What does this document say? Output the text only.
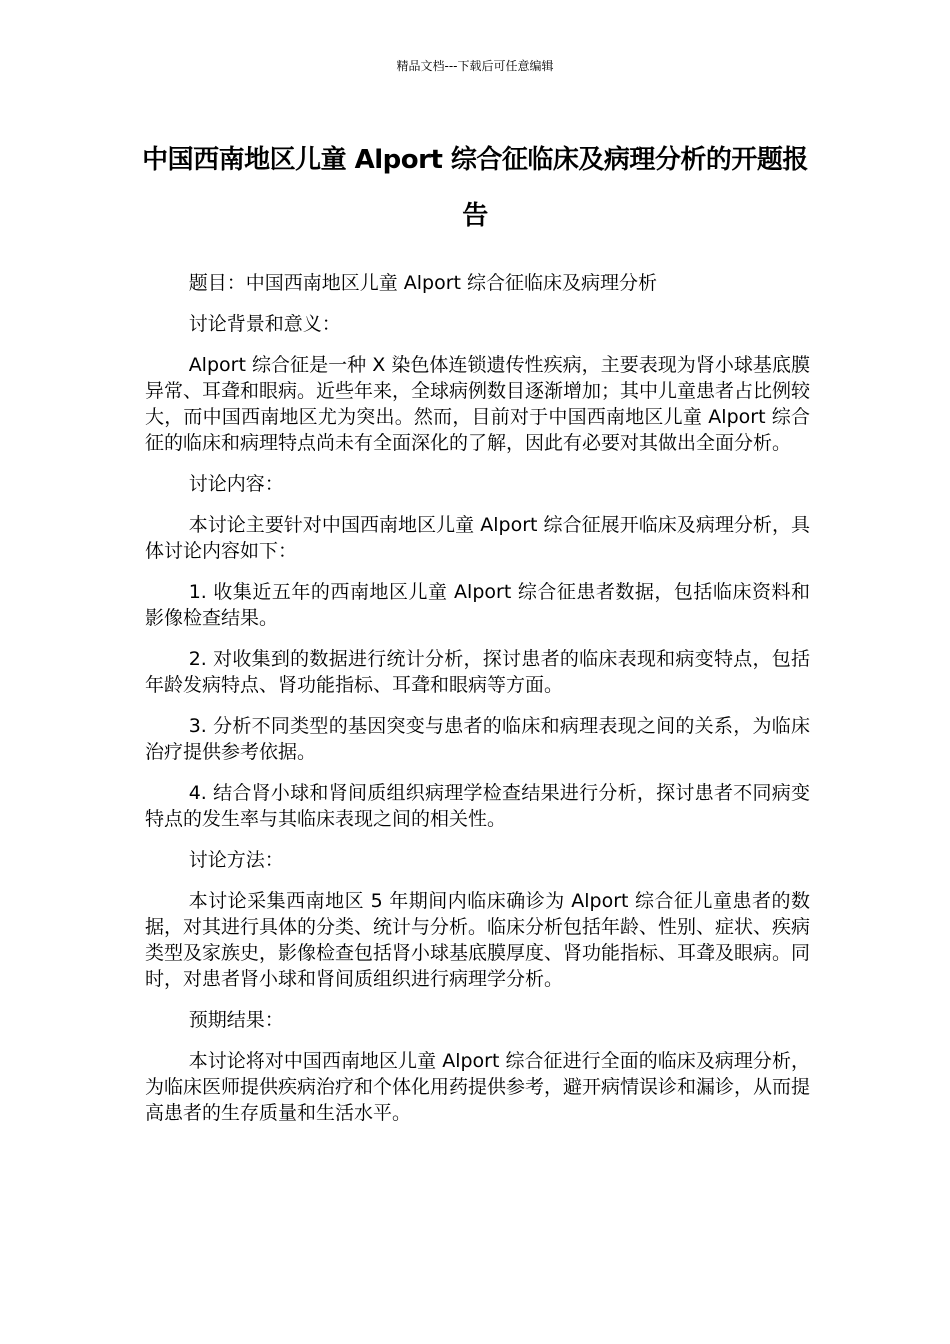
精品文档---下载后可任意编辑
中国西南地区儿童 Alport 综合征临床及病理分析的开题报告

题目：中国西南地区儿童 Alport 综合征临床及病理分析

讨论背景和意义：

Alport 综合征是一种 X 染色体连锁遗传性疾病，主要表现为肾小球基底膜异常、耳聋和眼病。近些年来，全球病例数目逐渐增加；其中儿童患者占比例较大，而中国西南地区尤为突出。然而，目前对于中国西南地区儿童 Alport 综合征的临床和病理特点尚未有全面深化的了解，因此有必要对其做出全面分析。

讨论内容：

本讨论主要针对中国西南地区儿童 Alport 综合征展开临床及病理分析，具体讨论内容如下：

1. 收集近五年的西南地区儿童 Alport 综合征患者数据，包括临床资料和影像检查结果。

2. 对收集到的数据进行统计分析，探讨患者的临床表现和病变特点，包括年龄发病特点、肾功能指标、耳聋和眼病等方面。

3. 分析不同类型的基因突变与患者的临床和病理表现之间的关系，为临床治疗提供参考依据。

4. 结合肾小球和肾间质组织病理学检查结果进行分析，探讨患者不同病变特点的发生率与其临床表现之间的相关性。

讨论方法：

本讨论采集西南地区 5 年期间内临床确诊为 Alport 综合征儿童患者的数据，对其进行具体的分类、统计与分析。临床分析包括年龄、性别、症状、疾病类型及家族史，影像检查包括肾小球基底膜厚度、肾功能指标、耳聋及眼病。同时，对患者肾小球和肾间质组织进行病理学分析。

预期结果：

本讨论将对中国西南地区儿童 Alport 综合征进行全面的临床及病理分析，为临床医师提供疾病治疗和个体化用药提供参考，避开病情误诊和漏诊，从而提高患者的生存质量和生活水平。
